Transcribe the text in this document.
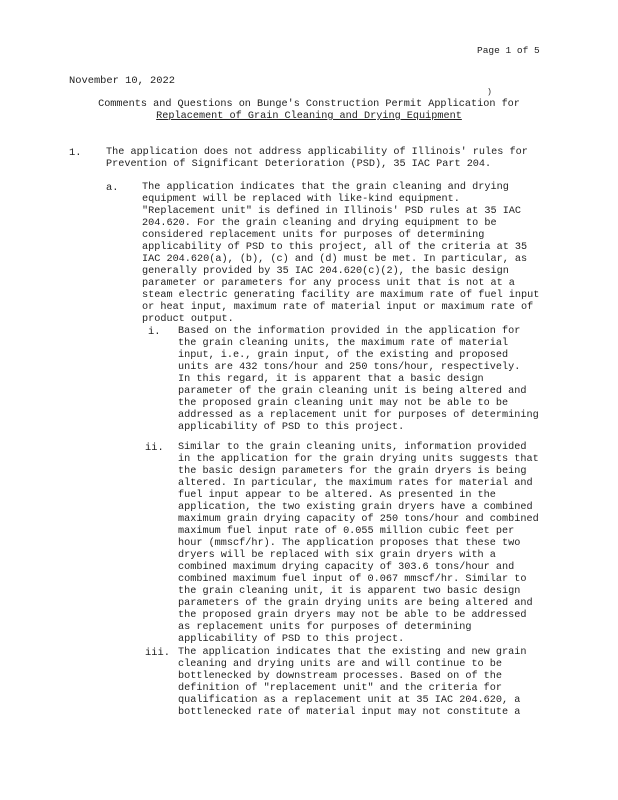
Page 1 of 5
)
November 10, 2022
Comments and Questions on Bunge's Construction Permit Application for
Replacement of Grain Cleaning and Drying Equipment
1. The application does not address applicability of Illinois' rules for
Prevention of Significant Deterioration (PSD), 35 IAC Part 204.
a. The application indicates that the grain cleaning and drying
equipment will be replaced with like-kind equipment.
"Replacement unit" is defined in Illinois' PSD rules at 35 IAC
204.620. For the grain cleaning and drying equipment to be
considered replacement units for purposes of determining
applicability of PSD to this project, all of the criteria at 35
IAC 204.620(a), (b), (c) and (d) must be met. In particular, as
generally provided by 35 IAC 204.620(c)(2), the basic design
parameter or parameters for any process unit that is not at a
steam electric generating facility are maximum rate of fuel input
or heat input, maximum rate of material input or maximum rate of
product output.
i. Based on the information provided in the application for
the grain cleaning units, the maximum rate of material
input, i.e., grain input, of the existing and proposed
units are 432 tons/hour and 250 tons/hour, respectively.
In this regard, it is apparent that a basic design
parameter of the grain cleaning unit is being altered and
the proposed grain cleaning unit may not be able to be
addressed as a replacement unit for purposes of determining
applicability of PSD to this project.
ii. Similar to the grain cleaning units, information provided
in the application for the grain drying units suggests that
the basic design parameters for the grain dryers is being
altered. In particular, the maximum rates for material and
fuel input appear to be altered. As presented in the
application, the two existing grain dryers have a combined
maximum grain drying capacity of 250 tons/hour and combined
maximum fuel input rate of 0.055 million cubic feet per
hour (mmscf/hr). The application proposes that these two
dryers will be replaced with six grain dryers with a
combined maximum drying capacity of 303.6 tons/hour and
combined maximum fuel input of 0.067 mmscf/hr. Similar to
the grain cleaning unit, it is apparent two basic design
parameters of the grain drying units are being altered and
the proposed grain dryers may not be able to be addressed
as replacement units for purposes of determining
applicability of PSD to this project.
iii. The application indicates that the existing and new grain
cleaning and drying units are and will continue to be
bottlenecked by downstream processes. Based on of the
definition of "replacement unit" and the criteria for
qualification as a replacement unit at 35 IAC 204.620, a
bottlenecked rate of material input may not constitute a
